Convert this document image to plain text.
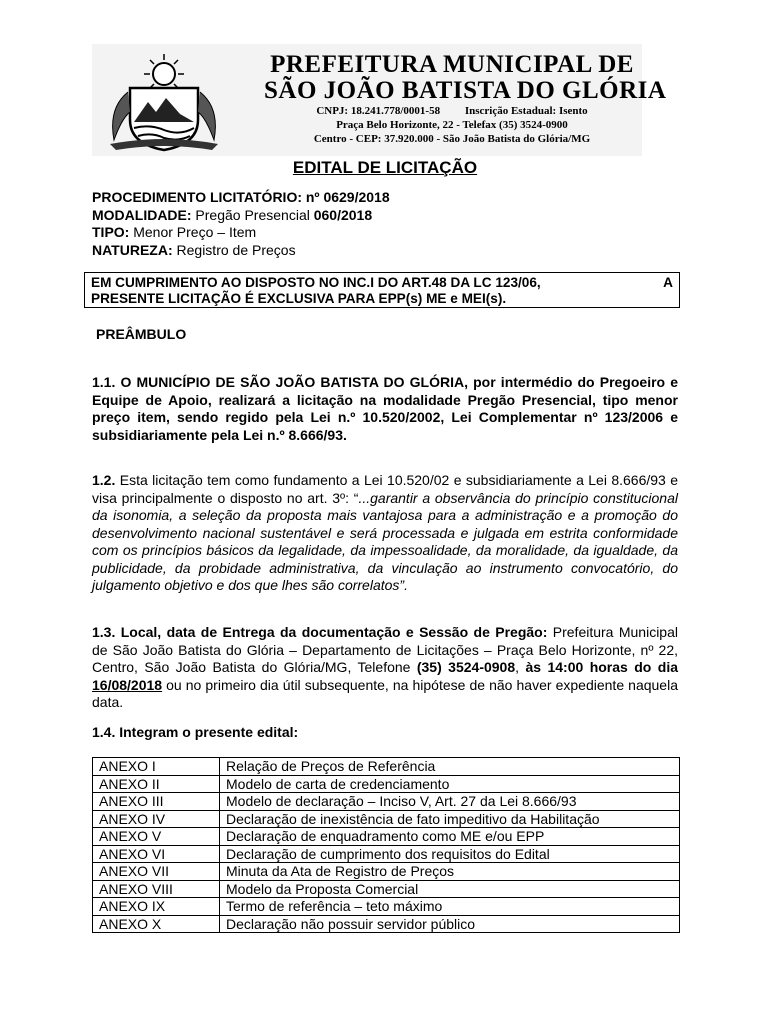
PREFEITURA MUNICIPAL DE
SÃO JOÃO BATISTA DO GLÓRIA
CNPJ: 18.241.778/0001-58 Inscrição Estadual: Isento
Praça Belo Horizonte, 22 - Telefax (35) 3524-0900
Centro - CEP: 37.920.000 - São João Batista do Glória/MG
EDITAL DE LICITAÇÃO
PROCEDIMENTO LICITATÓRIO: nº 0629/2018
MODALIDADE: Pregão Presencial 060/2018
TIPO: Menor Preço – Item
NATUREZA: Registro de Preços
EM CUMPRIMENTO AO DISPOSTO NO INC.I DO ART.48 DA LC 123/06,	A
PRESENTE LICITAÇÃO É EXCLUSIVA PARA EPP(s) ME e MEI(s).
PREÂMBULO
1.1. O MUNICÍPIO DE SÃO JOÃO BATISTA DO GLÓRIA, por intermédio do Pregoeiro e Equipe de Apoio, realizará a licitação na modalidade Pregão Presencial, tipo menor preço item, sendo regido pela Lei n.º 10.520/2002, Lei Complementar nº 123/2006 e subsidiariamente pela Lei n.º 8.666/93.
1.2. Esta licitação tem como fundamento a Lei 10.520/02 e subsidiariamente a Lei 8.666/93 e visa principalmente o disposto no art. 3º: “...garantir a observância do princípio constitucional da isonomia, a seleção da proposta mais vantajosa para a administração e a promoção do desenvolvimento nacional sustentável e será processada e julgada em estrita conformidade com os princípios básicos da legalidade, da impessoalidade, da moralidade, da igualdade, da publicidade, da probidade administrativa, da vinculação ao instrumento convocatório, do julgamento objetivo e dos que lhes são correlatos”.
1.3. Local, data de Entrega da documentação e Sessão de Pregão: Prefeitura Municipal de São João Batista do Glória – Departamento de Licitações – Praça Belo Horizonte, nº 22, Centro, São João Batista do Glória/MG, Telefone (35) 3524-0908, às 14:00 horas do dia 16/08/2018 ou no primeiro dia útil subsequente, na hipótese de não haver expediente naquela data.
1.4. Integram o presente edital:
ANEXO I	Relação de Preços de Referência
ANEXO II	Modelo de carta de credenciamento
ANEXO III	Modelo de declaração – Inciso V, Art. 27 da Lei 8.666/93
ANEXO IV	Declaração de inexistência de fato impeditivo da Habilitação
ANEXO V	Declaração de enquadramento como ME e/ou EPP
ANEXO VI	Declaração de cumprimento dos requisitos do Edital
ANEXO VII	Minuta da Ata de Registro de Preços
ANEXO VIII	Modelo da Proposta Comercial
ANEXO IX	Termo de referência – teto máximo
ANEXO X	Declaração não possuir servidor público
